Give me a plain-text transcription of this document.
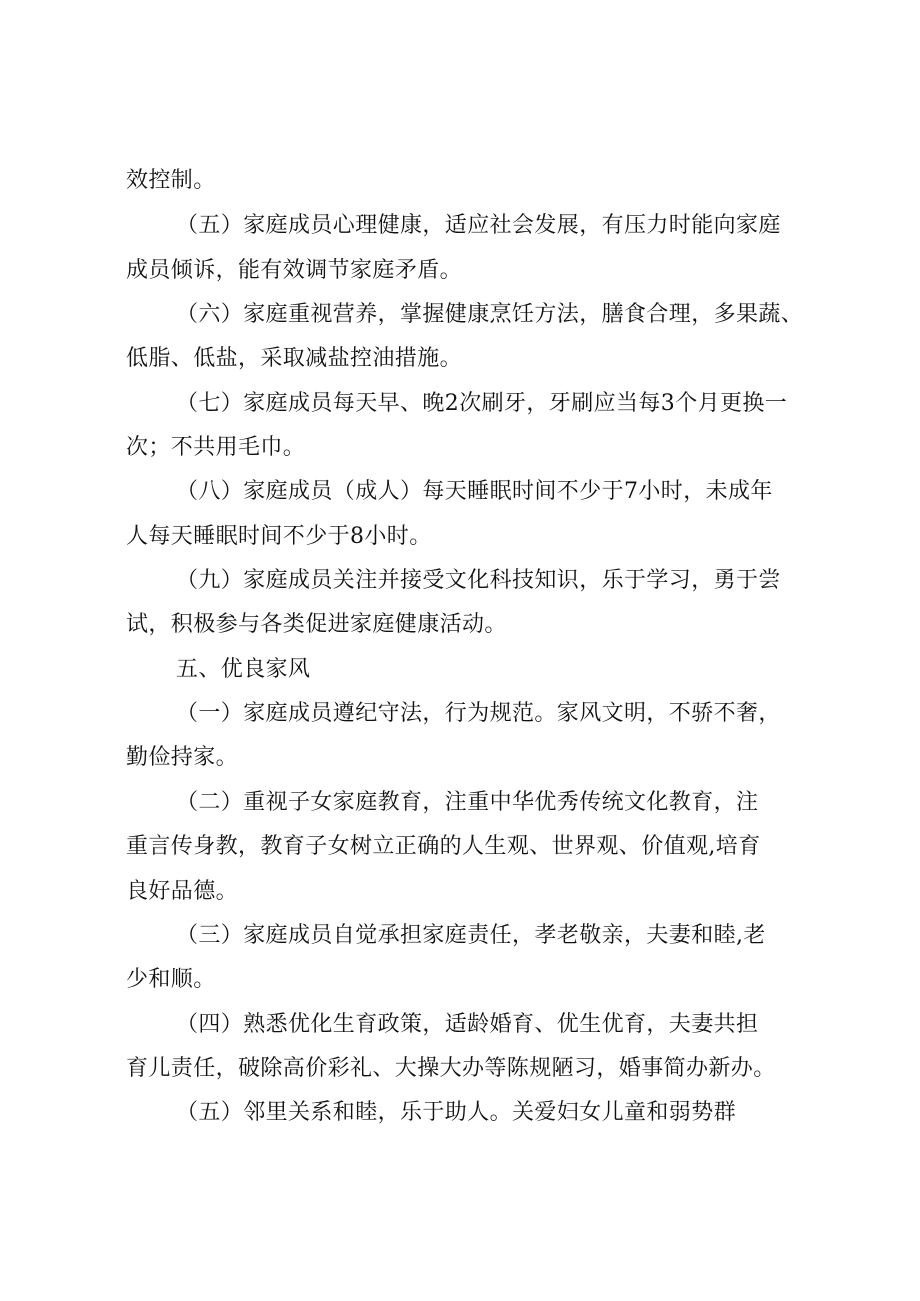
效控制。
（五）家庭成员心理健康，适应社会发展，有压力时能向家庭
成员倾诉，能有效调节家庭矛盾。
（六）家庭重视营养，掌握健康烹饪方法，膳食合理，多果蔬、
低脂、低盐，采取减盐控油措施。
（七）家庭成员每天早、晚2次刷牙，牙刷应当每3个月更换一
次；不共用毛巾。
（八）家庭成员（成人）每天睡眠时间不少于7小时，未成年
人每天睡眠时间不少于8小时。
（九）家庭成员关注并接受文化科技知识，乐于学习，勇于尝
试，积极参与各类促进家庭健康活动。
五、优良家风
（一）家庭成员遵纪守法，行为规范。家风文明，不骄不奢，
勤俭持家。
（二）重视子女家庭教育，注重中华优秀传统文化教育，注
重言传身教，教育子女树立正确的人生观、世界观、价值观,培育
良好品德。
（三）家庭成员自觉承担家庭责任，孝老敬亲，夫妻和睦,老
少和顺。
（四）熟悉优化生育政策，适龄婚育、优生优育，夫妻共担
育儿责任，破除高价彩礼、大操大办等陈规陋习，婚事简办新办。
（五）邻里关系和睦，乐于助人。关爱妇女儿童和弱势群
